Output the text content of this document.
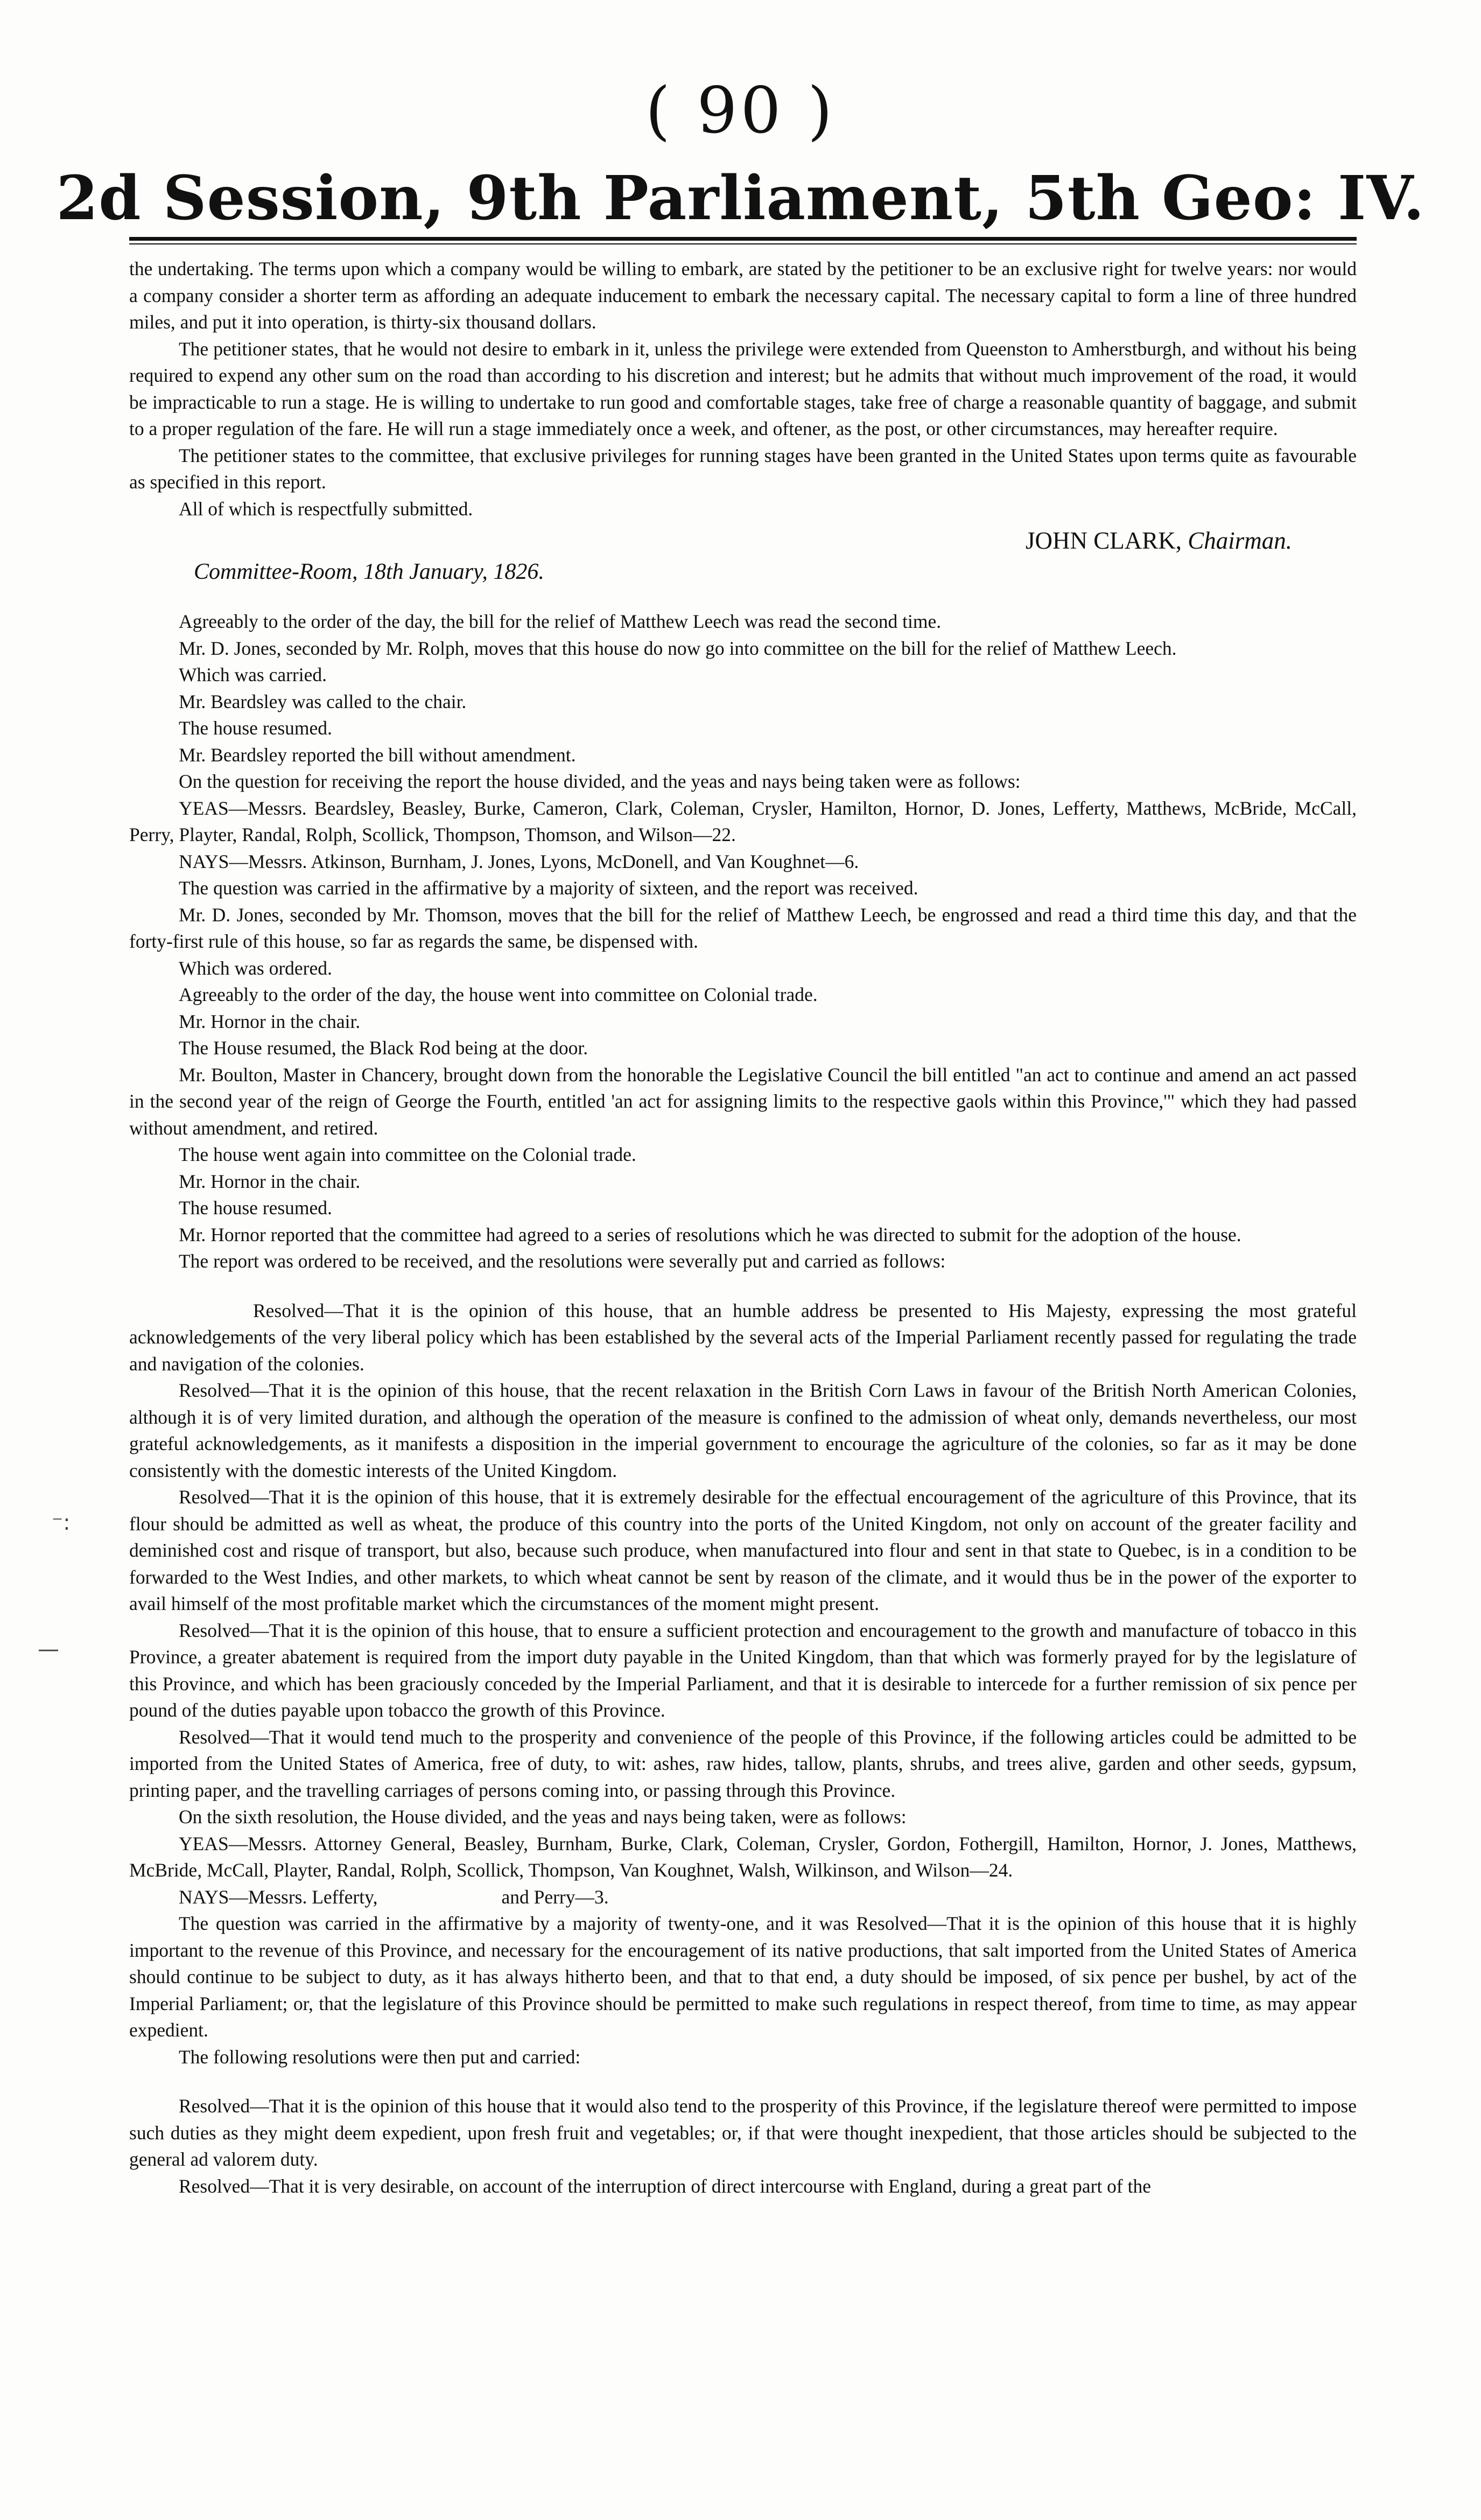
( 90 )
2d Session, 9th Parliament, 5th Geo: IV.
⁻:
—

the undertaking. The terms upon which a company would be willing to embark, are stated by the petitioner to be an exclusive right for twelve years: nor would a company consider a shorter term as affording an adequate inducement to embark the necessary capital. The necessary capital to form a line of three hundred miles, and put it into operation, is thirty-six thousand dollars.

The petitioner states, that he would not desire to embark in it, unless the privilege were extended from Queenston to Amherstburgh, and without his being required to expend any other sum on the road than according to his discretion and interest; but he admits that without much improvement of the road, it would be impracticable to run a stage. He is willing to undertake to run good and comfortable stages, take free of charge a reasonable quantity of baggage, and submit to a proper regulation of the fare. He will run a stage immediately once a week, and oftener, as the post, or other circumstances, may hereafter require.

The petitioner states to the committee, that exclusive privileges for running stages have been granted in the United States upon terms quite as favourable as specified in this report.

All of which is respectfully submitted.

JOHN CLARK, Chairman.

Committee-Room, 18th January, 1826.

Agreeably to the order of the day, the bill for the relief of Matthew Leech was read the second time.

Mr. D. Jones, seconded by Mr. Rolph, moves that this house do now go into committee on the bill for the relief of Matthew Leech.

Which was carried.

Mr. Beardsley was called to the chair.

The house resumed.

Mr. Beardsley reported the bill without amendment.

On the question for receiving the report the house divided, and the yeas and nays being taken were as follows:

YEAS—Messrs. Beardsley, Beasley, Burke, Cameron, Clark, Coleman, Crysler, Hamilton, Hornor, D. Jones, Lefferty, Matthews, McBride, McCall, Perry, Playter, Randal, Rolph, Scollick, Thompson, Thomson, and Wilson—22.

NAYS—Messrs. Atkinson, Burnham, J. Jones, Lyons, McDonell, and Van Koughnet—6.

The question was carried in the affirmative by a majority of sixteen, and the report was received.

Mr. D. Jones, seconded by Mr. Thomson, moves that the bill for the relief of Matthew Leech, be engrossed and read a third time this day, and that the forty-first rule of this house, so far as regards the same, be dispensed with.

Which was ordered.

Agreeably to the order of the day, the house went into committee on Colonial trade.

Mr. Hornor in the chair.

The House resumed, the Black Rod being at the door.

Mr. Boulton, Master in Chancery, brought down from the honorable the Legislative Council the bill entitled "an act to continue and amend an act passed in the second year of the reign of George the Fourth, entitled 'an act for assigning limits to the respective gaols within this Province,'" which they had passed without amendment, and retired.

The house went again into committee on the Colonial trade.

Mr. Hornor in the chair.

The house resumed.

Mr. Hornor reported that the committee had agreed to a series of resolutions which he was directed to submit for the adoption of the house.

The report was ordered to be received, and the resolutions were severally put and carried as follows:

Resolved—That it is the opinion of this house, that an humble address be presented to His Majesty, expressing the most grateful acknowledgements of the very liberal policy which has been established by the several acts of the Imperial Parliament recently passed for regulating the trade and navigation of the colonies.

Resolved—That it is the opinion of this house, that the recent relaxation in the British Corn Laws in favour of the British North American Colonies, although it is of very limited duration, and although the operation of the measure is confined to the admission of wheat only, demands nevertheless, our most grateful acknowledgements, as it manifests a disposition in the imperial government to encourage the agriculture of the colonies, so far as it may be done consistently with the domestic interests of the United Kingdom.

Resolved—That it is the opinion of this house, that it is extremely desirable for the effectual encouragement of the agriculture of this Province, that its flour should be admitted as well as wheat, the produce of this country into the ports of the United Kingdom, not only on account of the greater facility and deminished cost and risque of transport, but also, because such produce, when manufactured into flour and sent in that state to Quebec, is in a condition to be forwarded to the West Indies, and other markets, to which wheat cannot be sent by reason of the climate, and it would thus be in the power of the exporter to avail himself of the most profitable market which the circumstances of the moment might present.

Resolved—That it is the opinion of this house, that to ensure a sufficient protection and encouragement to the growth and manufacture of tobacco in this Province, a greater abatement is required from the import duty payable in the United Kingdom, than that which was formerly prayed for by the legislature of this Province, and which has been graciously conceded by the Imperial Parliament, and that it is desirable to intercede for a further remission of six pence per pound of the duties payable upon tobacco the growth of this Province.

Resolved—That it would tend much to the prosperity and convenience of the people of this Province, if the following articles could be admitted to be imported from the United States of America, free of duty, to wit: ashes, raw hides, tallow, plants, shrubs, and trees alive, garden and other seeds, gypsum, printing paper, and the travelling carriages of persons coming into, or passing through this Province.

On the sixth resolution, the House divided, and the yeas and nays being taken, were as follows:

YEAS—Messrs. Attorney General, Beasley, Burnham, Burke, Clark, Coleman, Crysler, Gordon, Fothergill, Hamilton, Hornor, J. Jones, Matthews, McBride, McCall, Playter, Randal, Rolph, Scollick, Thompson, Van Koughnet, Walsh, Wilkinson, and Wilson—24.

NAYS—Messrs. Lefferty,	and Perry—3.

The question was carried in the affirmative by a majority of twenty-one, and it was Resolved—That it is the opinion of this house that it is highly important to the revenue of this Province, and necessary for the encouragement of its native productions, that salt imported from the United States of America should continue to be subject to duty, as it has always hitherto been, and that to that end, a duty should be imposed, of six pence per bushel, by act of the Imperial Parliament; or, that the legislature of this Province should be permitted to make such regulations in respect thereof, from time to time, as may appear expedient.

The following resolutions were then put and carried:

Resolved—That it is the opinion of this house that it would also tend to the prosperity of this Province, if the legislature thereof were permitted to impose such duties as they might deem expedient, upon fresh fruit and vegetables; or, if that were thought inexpedient, that those articles should be subjected to the general ad valorem duty.

Resolved—That it is very desirable, on account of the interruption of direct intercourse with England, during a great part of the
